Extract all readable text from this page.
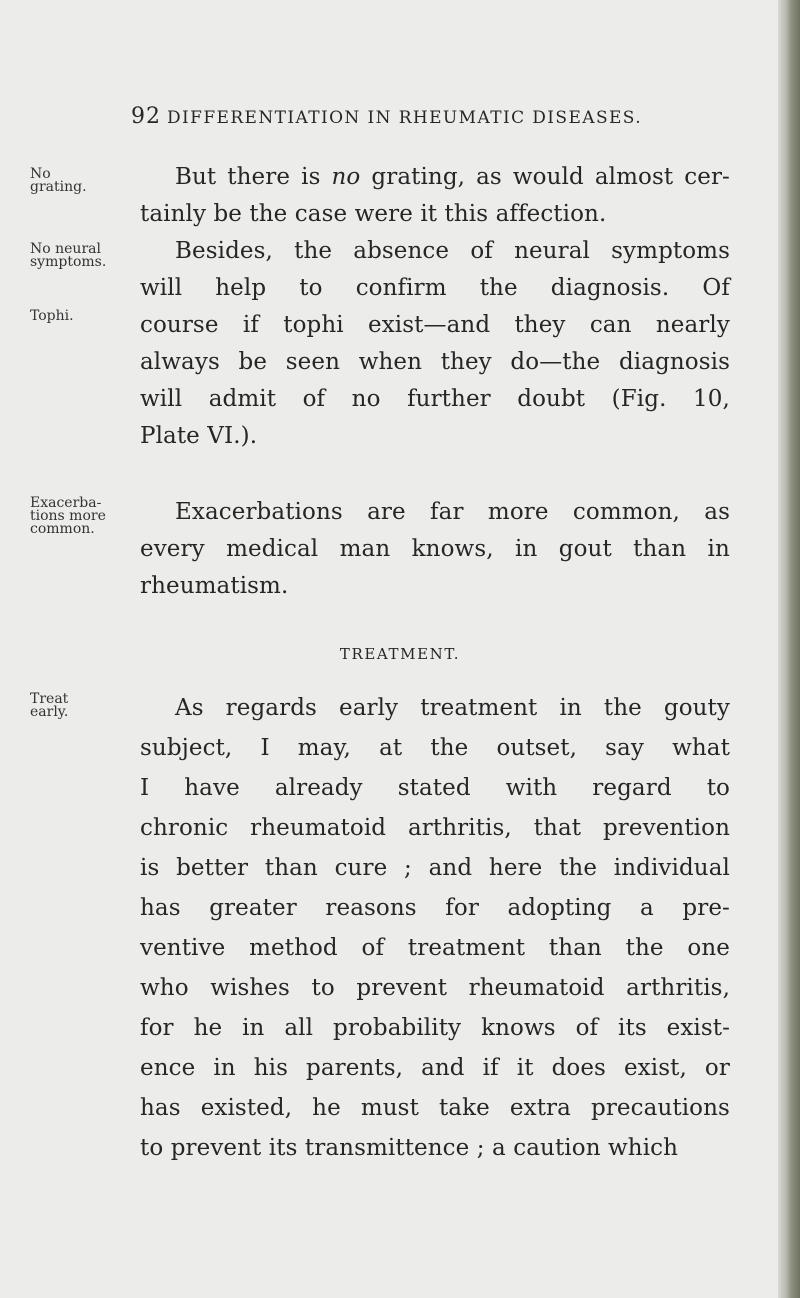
92 DIFFERENTIATION IN RHEUMATIC DISEASES.
No
grating.
No neural
symptoms.
Tophi.
Exacerba-
tions more
common.
Treat
early.
But there is no grating, as would almost cer-
tainly be the case were it this affection.
Besides, the absence of neural symptoms
will help to confirm the diagnosis. Of
course if tophi exist—and they can nearly
always be seen when they do—the diagnosis
will admit of no further doubt (Fig. 10,
Plate VI.).
Exacerbations are far more common, as
every medical man knows, in gout than in
rheumatism.
TREATMENT.
As regards early treatment in the gouty
subject, I may, at the outset, say what
I have already stated with regard to
chronic rheumatoid arthritis, that prevention
is better than cure ; and here the individual
has greater reasons for adopting a pre-
ventive method of treatment than the one
who wishes to prevent rheumatoid arthritis,
for he in all probability knows of its exist-
ence in his parents, and if it does exist, or
has existed, he must take extra precautions
to prevent its transmittence ; a caution which
